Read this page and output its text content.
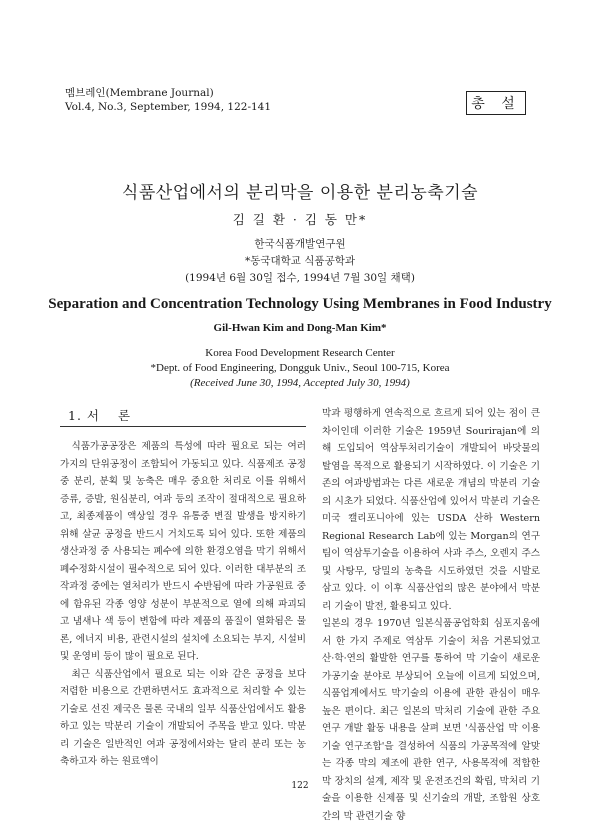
멤브레인(Membrane Journal)
Vol.4, No.3, September, 1994, 122-141	총 설
식품산업에서의 분리막을 이용한 분리농축기술
김 길 환 · 김 동 만*
한국식품개발연구원
*동국대학교 식품공학과
(1994년 6월 30일 접수, 1994년 7월 30일 채택)
Separation and Concentration Technology Using Membranes in Food Industry
Gil-Hwan Kim and Dong-Man Kim*
Korea Food Development Research Center
*Dept. of Food Engineering, Dongguk Univ., Seoul 100-715, Korea
(Received June 30, 1994, Accepted July 30, 1994)
1. 서 론

식품가공공장은 제품의 특성에 따라 필요로 되는 여러 가지의 단위공정이 조합되어 가동되고 있다. 식품제조 공정중 분리, 분획 및 농축은 매우 중요한 처리로 이를 위해서 증류, 증발, 원심분리, 여과 등의 조작이 절대적으로 필요하고, 최종제품이 액상일 경우 유통중 변질 발생을 방지하기 위해 살균 공정을 반드시 거치도록 되어 있다. 또한 제품의 생산과정 중 사용되는 폐수에 의한 환경오염을 막기 위해서 폐수정화시설이 필수적으로 되어 있다. 이러한 대부분의 조작과정 중에는 열처리가 반드시 수반됨에 따라 가공원료 중에 함유된 각종 영양 성분이 부분적으로 열에 의해 파괴되고 냄새나 색 등이 변함에 따라 제품의 품질이 열화됨은 물론, 에너지 비용, 관련시설의 설치에 소요되는 부지, 시설비 및 운영비 등이 많이 필요로 된다.

최근 식품산업에서 필요로 되는 이와 같은 공정을 보다 저렴한 비용으로 간편하면서도 효과적으로 처리할 수 있는 기술로 선진 제국은 물론 국내의 일부 식품산업에서도 활용하고 있는 막분리 기술이 개발되어 주목을 받고 있다. 막분리 기술은 일반적인 여과 공정에서와는 달리 분리 또는 농축하고자 하는 원료액이

막과 평행하게 연속적으로 흐르게 되어 있는 점이 큰 차이인데 이러한 기술은 1959년 Sourirajan에 의해 도입되어 역삼투처리기술이 개발되어 바닷물의 탈염을 목적으로 활용되기 시작하였다. 이 기술은 기존의 여과방법과는 다른 새로운 개념의 막분리 기술의 시초가 되었다. 식품산업에 있어서 막분리 기술은 미국 캘리포니아에 있는 USDA 산하 Western Regional Research Lab에 있는 Morgan의 연구팀이 역삼투기술을 이용하여 사과 주스, 오렌지 주스 및 사탕무, 당밀의 농축을 시도하였던 것을 시발로 삼고 있다. 이 이후 식품산업의 많은 분야에서 막분리 기술이 발전, 활용되고 있다.

일본의 경우 1970년 일본식품공업학회 심포지움에서 한 가지 주제로 역삼투 기술이 처음 거론되었고 산·학·연의 활발한 연구를 통하여 막 기술이 새로운 가공기술 분야로 부상되어 오늘에 이르게 되었으며, 식품업계에서도 막기술의 이용에 관한 관심이 매우 높은 편이다. 최근 일본의 막처리 기술에 관한 주요 연구 개발 활동 내용을 살펴 보면 '식품산업 막 이용기술 연구조합'을 결성하여 식품의 가공목적에 알맞는 각종 막의 제조에 관한 연구, 사용목적에 적합한 막 장치의 설계, 제작 및 운전조건의 확립, 막처리 기술을 이용한 신제품 및 신기술의 개발, 조합원 상호간의 막 관련기술 향

122
